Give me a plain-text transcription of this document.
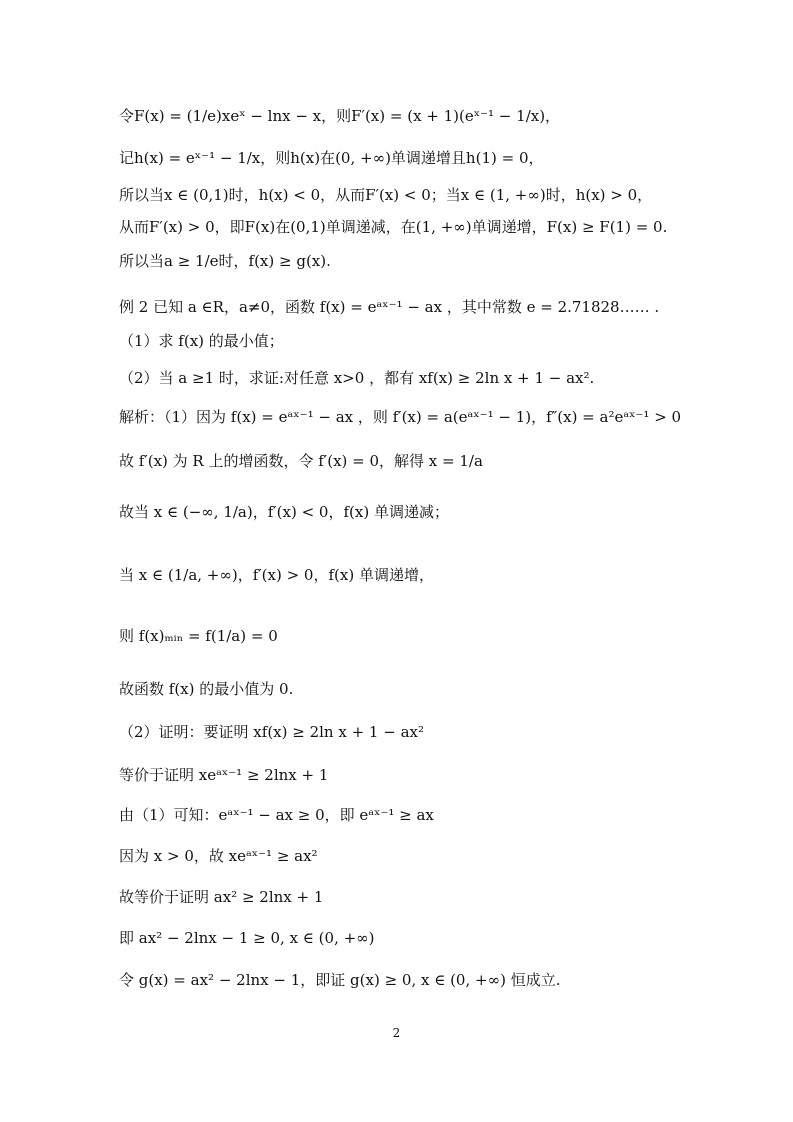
令F(x) = (1/e)xeˣ − lnx − x，则F′(x) = (x + 1)(eˣ⁻¹ − 1/x)，
记h(x) = eˣ⁻¹ − 1/x，则h(x)在(0, +∞)单调递增且h(1) = 0，
所以当x ∈ (0,1)时，h(x) < 0，从而F′(x) < 0；当x ∈ (1, +∞)时，h(x) > 0，
从而F′(x) > 0，即F(x)在(0,1)单调递减，在(1, +∞)单调递增，F(x) ≥ F(1) = 0.
所以当a ≥ 1/e时，f(x) ≥ g(x).
例 2 已知 a ∈R，a≠0，函数 f(x) = eᵃˣ⁻¹ − ax ，其中常数 e = 2.71828…… .
（1）求 f(x) 的最小值；
（2）当 a ≥1 时，求证:对任意 x>0 ，都有 xf(x) ≥ 2ln x + 1 − ax².
解析：（1）因为 f(x) = eᵃˣ⁻¹ − ax ，则 f′(x) = a(eᵃˣ⁻¹ − 1)，f″(x) = a²eᵃˣ⁻¹ > 0
故 f′(x) 为 R 上的增函数，令 f′(x) = 0，解得 x = 1/a
故当 x ∈ (−∞, 1/a)，f′(x) < 0，f(x) 单调递减；
当 x ∈ (1/a, +∞)，f′(x) > 0，f(x) 单调递增，
则 f(x)ₘᵢₙ = f(1/a) = 0
故函数 f(x) 的最小值为 0.
（2）证明：要证明 xf(x) ≥ 2ln x + 1 − ax²
等价于证明 xeᵃˣ⁻¹ ≥ 2lnx + 1
由（1）可知：eᵃˣ⁻¹ − ax ≥ 0，即 eᵃˣ⁻¹ ≥ ax
因为 x > 0，故 xeᵃˣ⁻¹ ≥ ax²
故等价于证明 ax² ≥ 2lnx + 1
即 ax² − 2lnx − 1 ≥ 0, x ∈ (0, +∞)
令 g(x) = ax² − 2lnx − 1，即证 g(x) ≥ 0, x ∈ (0, +∞) 恒成立.
2
